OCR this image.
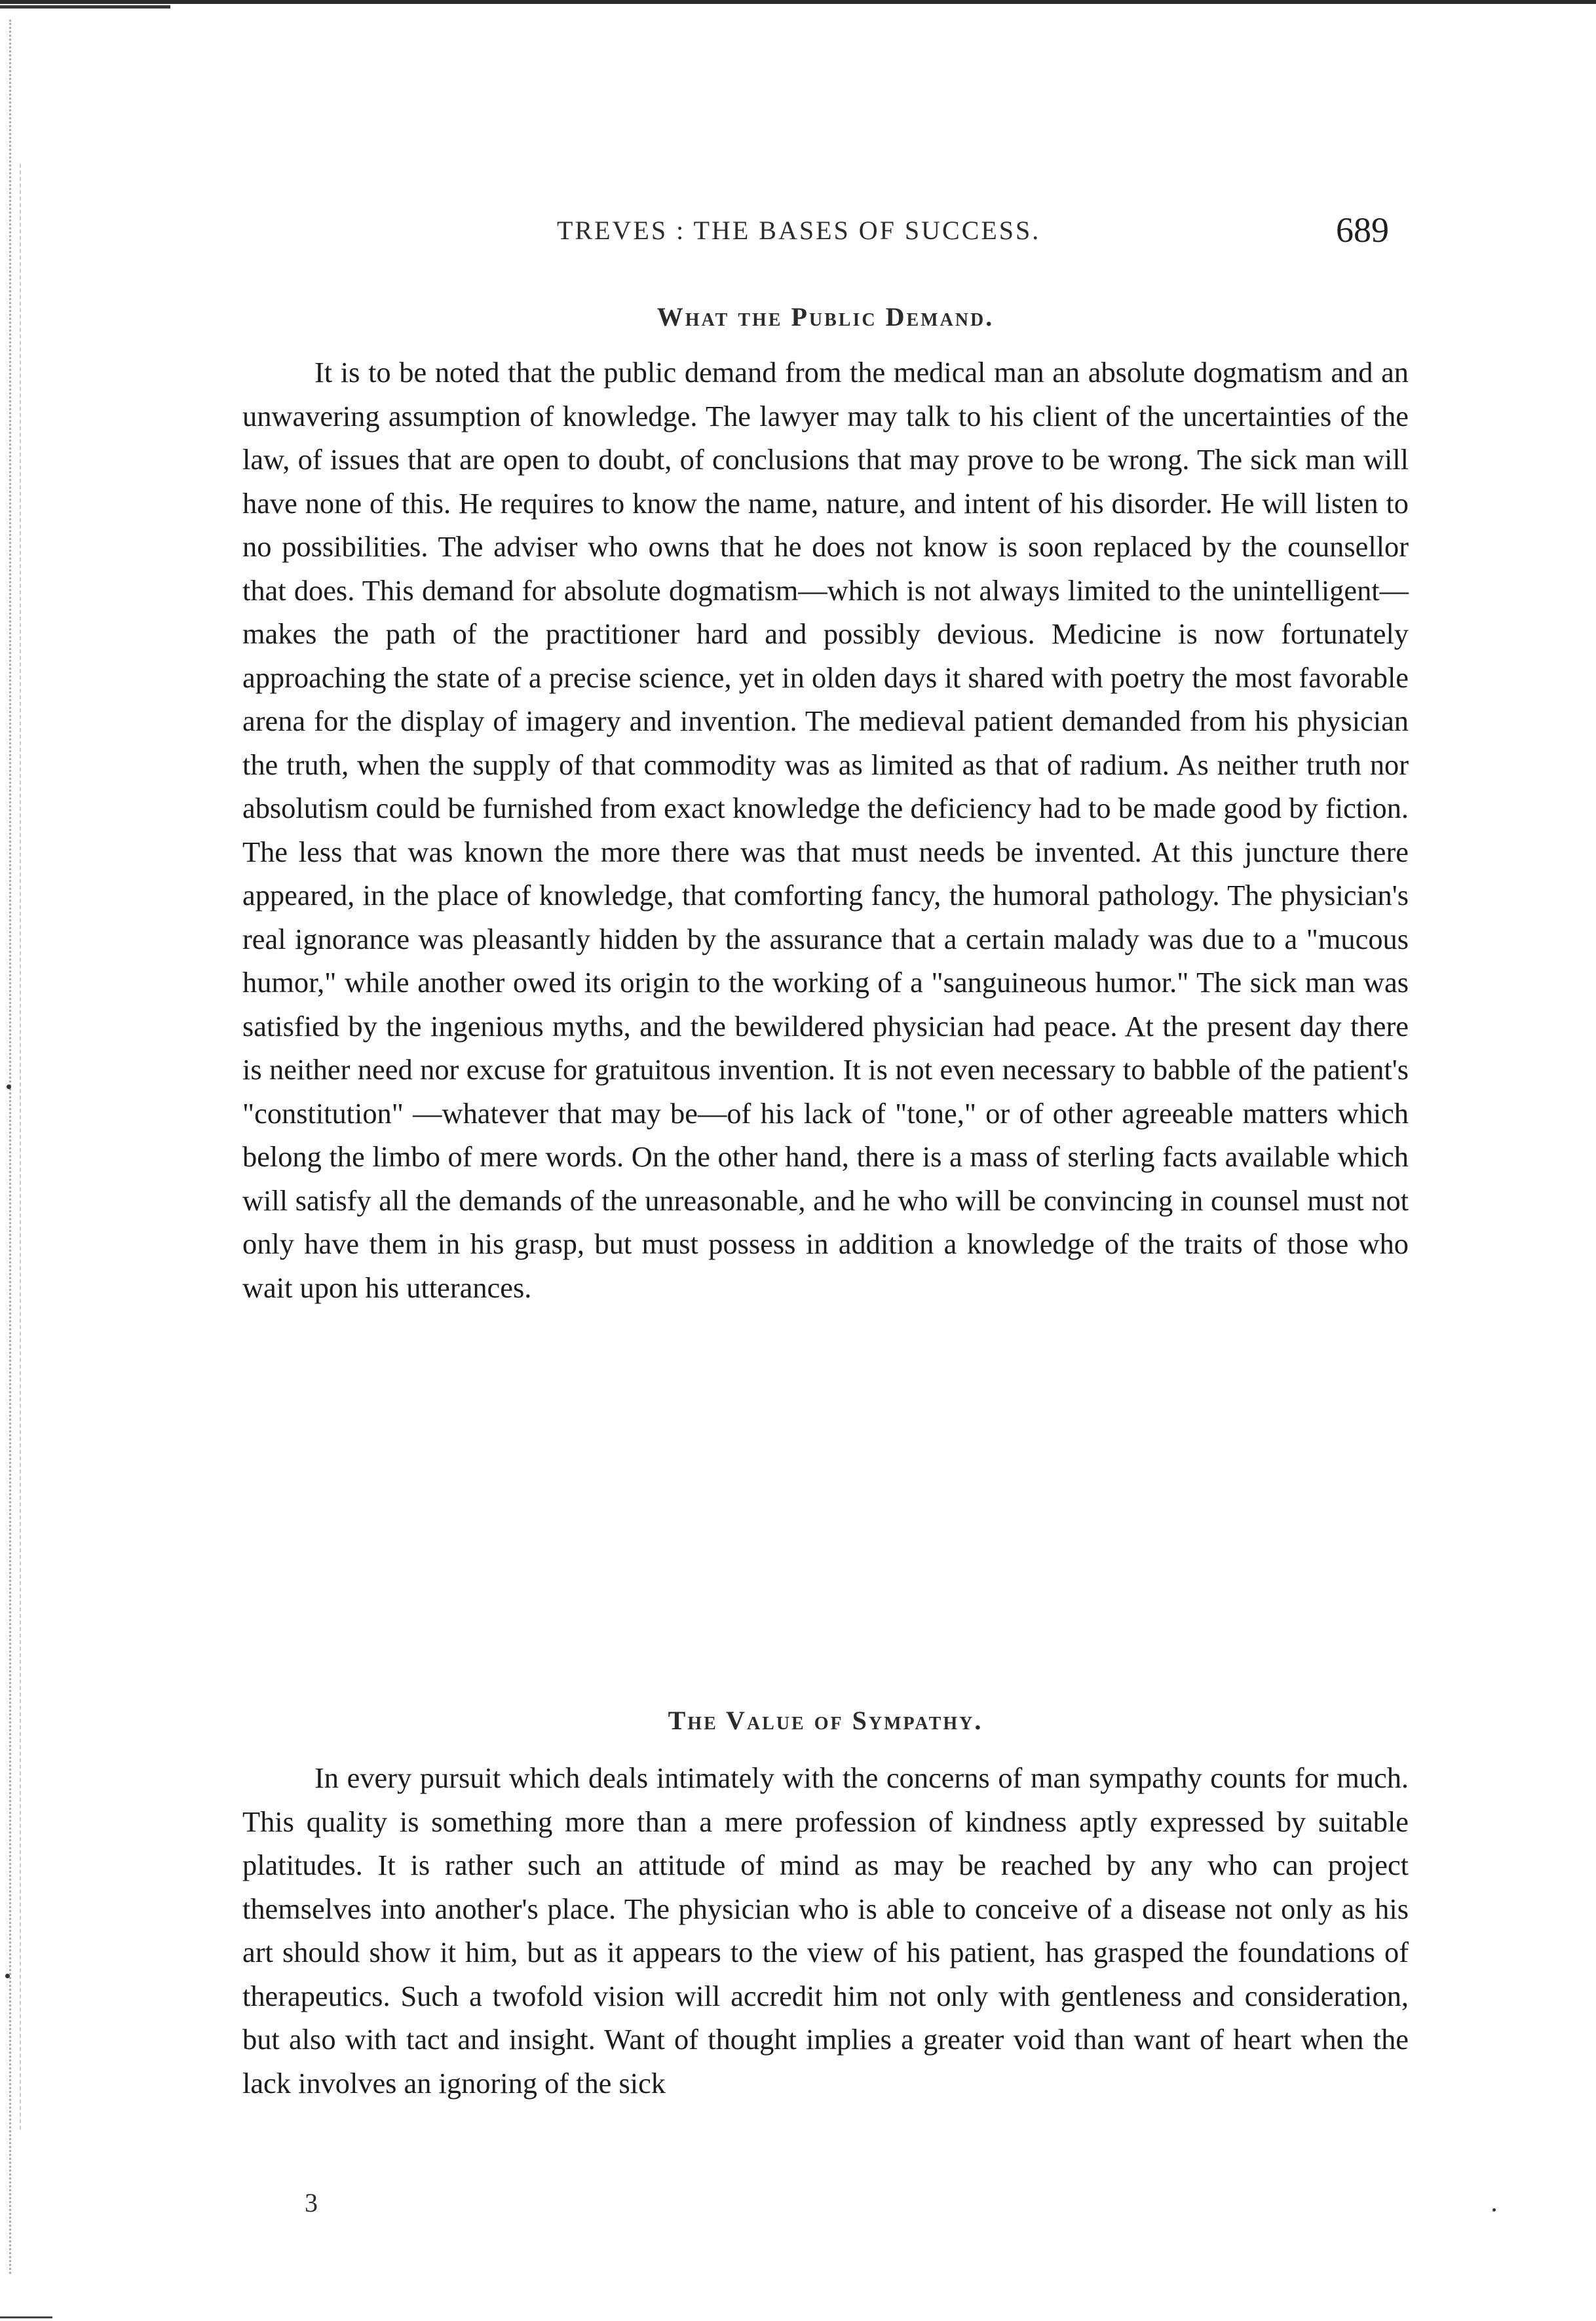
TREVES : THE BASES OF SUCCESS.	689
What the Public Demand.

It is to be noted that the public demand from the medical man an absolute dogmatism and an unwavering assumption of knowledge. The lawyer may talk to his client of the uncertainties of the law, of issues that are open to doubt, of conclusions that may prove to be wrong. The sick man will have none of this. He requires to know the name, nature, and intent of his disorder. He will listen to no possibilities. The adviser who owns that he does not know is soon replaced by the counsellor that does. This demand for absolute dogmatism—which is not always limited to the unintelligent—makes the path of the practitioner hard and possibly devious. Medicine is now fortunately approaching the state of a precise science, yet in olden days it shared with poetry the most favorable arena for the display of imagery and invention. The medieval patient demanded from his physician the truth, when the supply of that commodity was as limited as that of radium. As neither truth nor absolutism could be furnished from exact knowledge the deficiency had to be made good by fiction. The less that was known the more there was that must needs be invented. At this juncture there appeared, in the place of knowledge, that comforting fancy, the humoral pathology. The physician's real ignorance was pleasantly hidden by the assurance that a certain malady was due to a "mucous humor," while another owed its origin to the working of a "sanguineous humor." The sick man was satisfied by the ingenious myths, and the bewildered physician had peace. At the present day there is neither need nor excuse for gratuitous invention. It is not even necessary to babble of the patient's "constitution" —whatever that may be—of his lack of "tone," or of other agreeable matters which belong the limbo of mere words. On the other hand, there is a mass of sterling facts available which will satisfy all the demands of the unreasonable, and he who will be convincing in counsel must not only have them in his grasp, but must possess in addition a knowledge of the traits of those who wait upon his utterances.

The Value of Sympathy.

In every pursuit which deals intimately with the concerns of man sympathy counts for much. This quality is something more than a mere profession of kindness aptly expressed by suitable platitudes. It is rather such an attitude of mind as may be reached by any who can project themselves into another's place. The physician who is able to conceive of a disease not only as his art should show it him, but as it appears to the view of his patient, has grasped the foundations of therapeutics. Such a twofold vision will accredit him not only with gentleness and consideration, but also with tact and insight. Want of thought implies a greater void than want of heart when the lack involves an ignoring of the sick

3
